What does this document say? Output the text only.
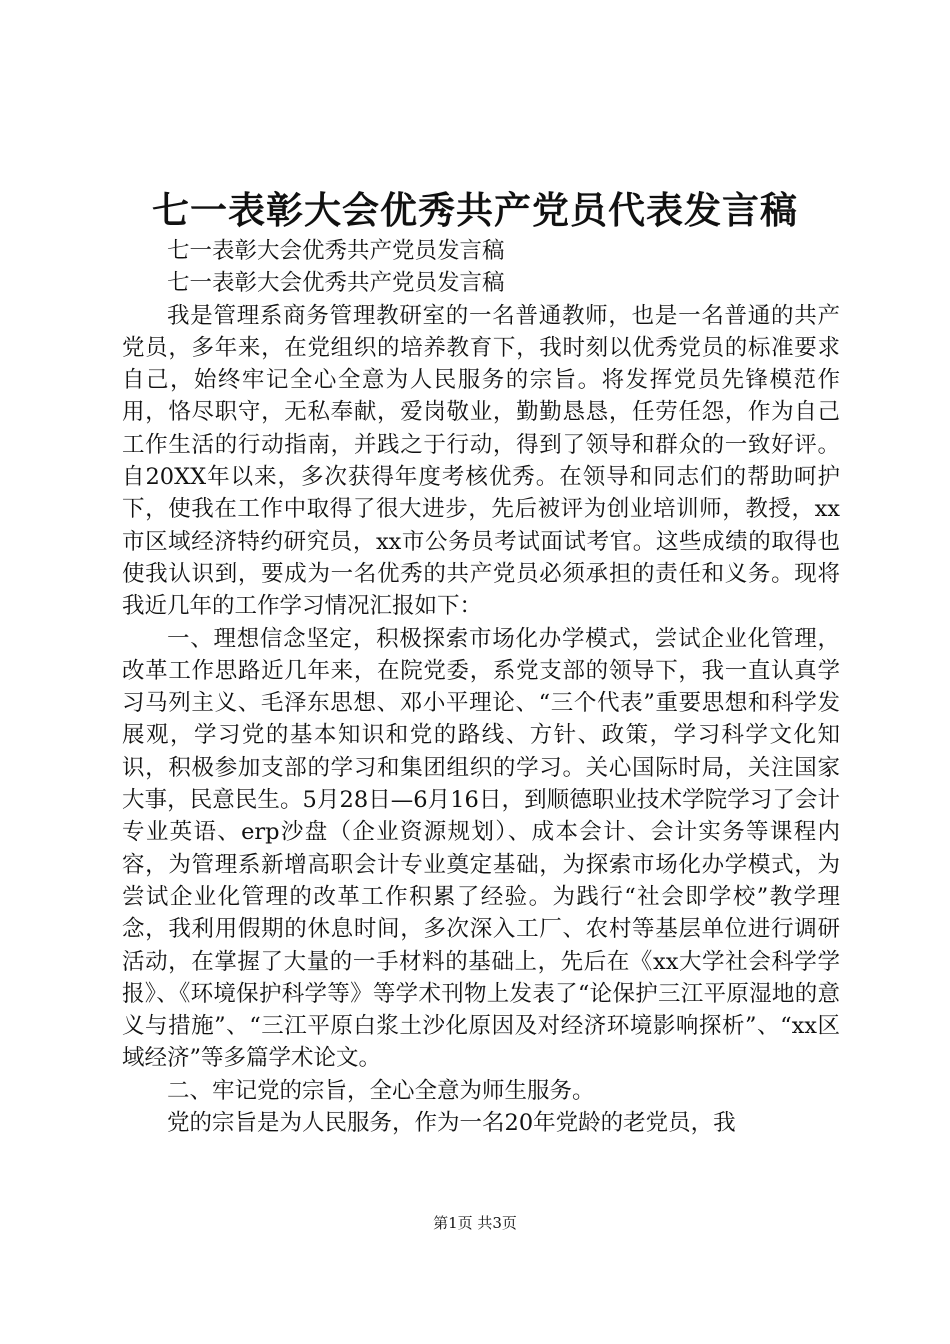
七一表彰大会优秀共产党员代表发言稿

七一表彰大会优秀共产党员发言稿

七一表彰大会优秀共产党员发言稿

我是管理系商务管理教研室的一名普通教师，也是一名普通的共产党员，多年来，在党组织的培养教育下，我时刻以优秀党员的标准要求自己，始终牢记全心全意为人民服务的宗旨。将发挥党员先锋模范作用，恪尽职守，无私奉献，爱岗敬业，勤勤恳恳，任劳任怨，作为自己工作生活的行动指南，并践之于行动，得到了领导和群众的一致好评。自20XX年以来，多次获得年度考核优秀。在领导和同志们的帮助呵护下，使我在工作中取得了很大进步，先后被评为创业培训师，教授，xx市区域经济特约研究员，xx市公务员考试面试考官。这些成绩的取得也使我认识到，要成为一名优秀的共产党员必须承担的责任和义务。现将我近几年的工作学习情况汇报如下：

一、理想信念坚定，积极探索市场化办学模式，尝试企业化管理，改革工作思路近几年来，在院党委，系党支部的领导下，我一直认真学习马列主义、毛泽东思想、邓小平理论、“三个代表”重要思想和科学发展观，学习党的基本知识和党的路线、方针、政策，学习科学文化知识，积极参加支部的学习和集团组织的学习。关心国际时局，关注国家大事，民意民生。5月28日—6月16日，到顺德职业技术学院学习了会计专业英语、erp沙盘（企业资源规划）、成本会计、会计实务等课程内容，为管理系新增高职会计专业奠定基础，为探索市场化办学模式，为尝试企业化管理的改革工作积累了经验。为践行“社会即学校”教学理念，我利用假期的休息时间，多次深入工厂、农村等基层单位进行调研活动，在掌握了大量的一手材料的基础上，先后在《xx大学社会科学学报》、《环境保护科学等》等学术刊物上发表了“论保护三江平原湿地的意义与措施”、“三江平原白浆土沙化原因及对经济环境影响探析”、“xx区域经济”等多篇学术论文。

二、牢记党的宗旨，全心全意为师生服务。

党的宗旨是为人民服务，作为一名20年党龄的老党员，我

第1页 共3页
